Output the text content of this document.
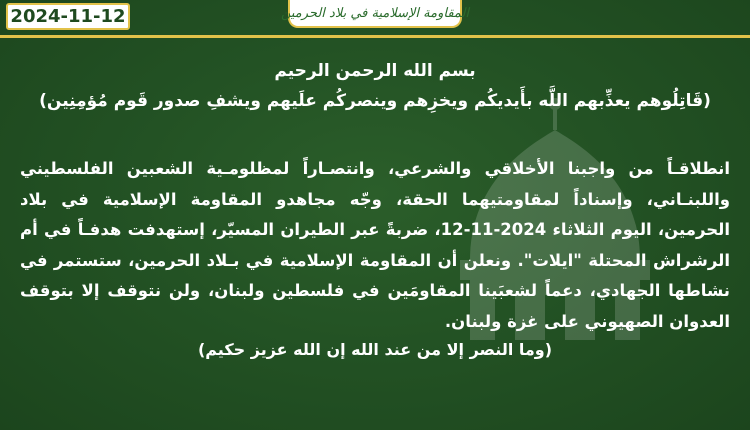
2024-11-12	المقاومة الإسلامية في بلاد الحرمين

بسم الله الرحمن الرحيم

(قَاتِلُوهم يعذِّبهم اللَّه بأَيديكُم ويخزِهم وينصركُم علَيهم ويشفِ صدور قَوم مُؤمِنِين)

انطلاقـاً من واجبنا الأخلاقي والشرعي، وانتصـاراً لمظلومـية الشعبين الفلسطيني واللبنـاني، وإسناداً لمقاومتيهما الحقة، وجّه مجاهدو المقاومة الإسلامية في بلاد الحرمين، اليوم الثلاثاء 2024-11-12، ضربةً عبر الطيران المسيّر، إستهدفت هدفـاً في أم الرشراش المحتلة "ايلات". ونعلن أن المقاومة الإسلامية في بـلاد الحرمين، ستستمر في نشاطها الجهادي، دعماً لشعبَينا المقاومَين في فلسطين ولبنان، ولن نتوقف إلا بتوقف العدوان الصهيوني على غزة ولبنان.

(وما النصر إلا من عند الله إن الله عزيز حكيم)
